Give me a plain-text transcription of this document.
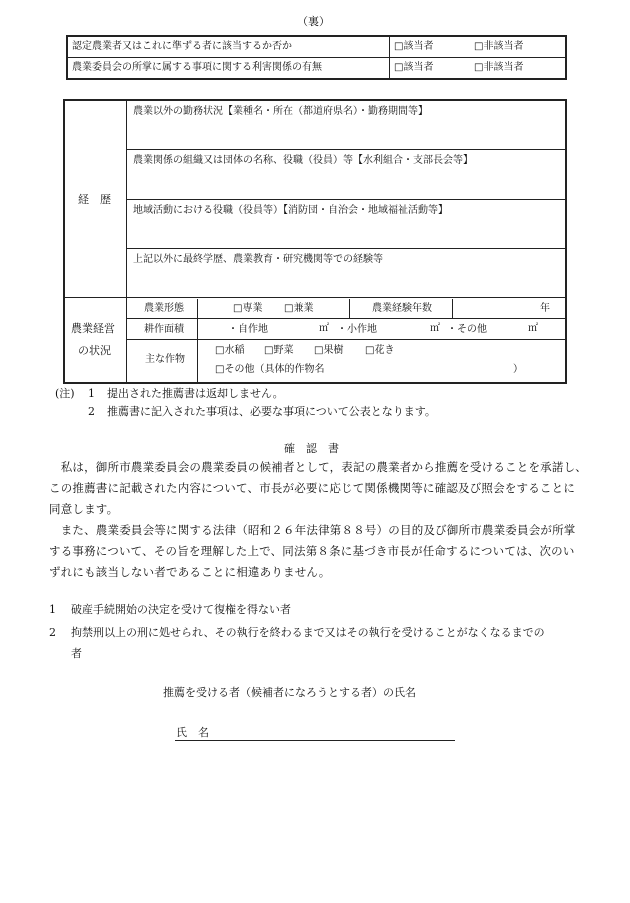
（裏）
認定農業者又はこれに準ずる者に該当するか否か	□該当者	□非該当者
農業委員会の所掌に属する事項に関する利害関係の有無	□該当者	□非該当者
経　歴
農業以外の勤務状況【業種名・所在（都道府県名）・勤務期間等】
農業関係の組織又は団体の名称、役職（役員）等【水利組合・支部長会等】
地域活動における役職（役員等）【消防団・自治会・地域福祉活動等】
上記以外に最終学歴、農業教育・研究機関等での経験等
農業経営
の状況
農業形態	□専業 □兼業	農業経験年数	年
耕作面積	・自作地	㎡ ・小作地	㎡ ・その他	㎡
主な作物
□水稲 □野菜 □果樹 □花き
□その他（具体的作物名	）
(注) 1 提出された推薦書は返却しません。
2 推薦書に記入された事項は、必要な事項について公表となります。
確　認　書
　私は，御所市農業委員会の農業委員の候補者として，表記の農業者から推薦を受けることを承諾し、
この推薦書に記載された内容について、市長が必要に応じて関係機関等に確認及び照会をすることに
同意します。
　また、農業委員会等に関する法律（昭和２６年法律第８８号）の目的及び御所市農業委員会が所掌
する事務について、その旨を理解した上で、同法第８条に基づき市長が任命するについては、次のい
ずれにも該当しない者であることに相違ありません。
1 破産手続開始の決定を受けて復権を得ない者
2 拘禁刑以上の刑に処せられ、その執行を終わるまで又はその執行を受けることがなくなるまでの
者
推薦を受ける者（候補者になろうとする者）の氏名
氏　名
